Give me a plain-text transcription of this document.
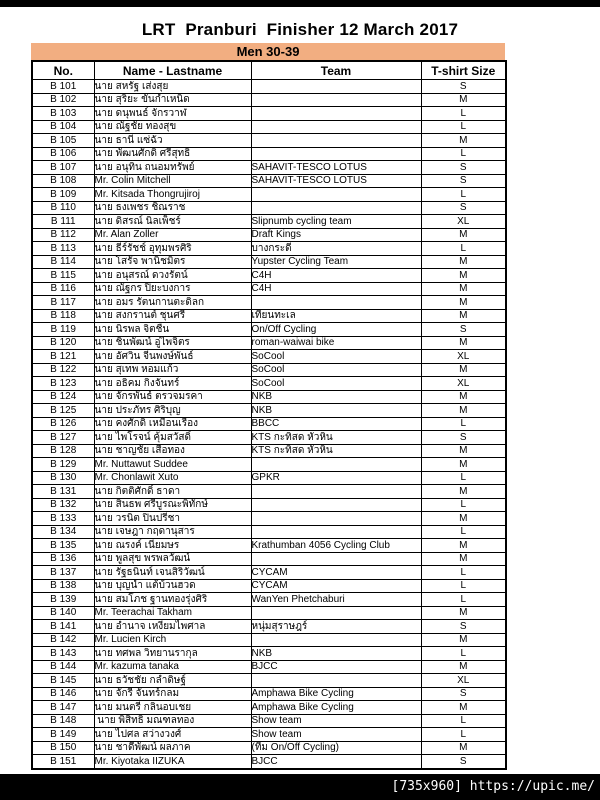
LRT  Pranburi  Finisher 12 March 2017
Men 30-39
No.	Name - Lastname	Team	T-shirt Size
B 101	นาย สหรัฐ เส่งสุย		S
B 102	นาย สุริยะ ขันกำเหนิด		M
B 103	นาย ดนุพนธ์ จักรวาฬ		L
B 104	นาย ณัฐชัย ทองสุข		L
B 105	นาย ธานี แซ่ฉั่ว		M
B 106	นาย พัฒนศักดิ์ ศรีสุทธิ์		L
B 107	นาย อนุทิน ถนอมทรัพย์	SAHAVIT-TESCO LOTUS	S
B 108	Mr. Colin Mitchell	SAHAVIT-TESCO LOTUS	S
B 109	Mr. Kitsada Thongrujiroj		L
B 110	นาย ธงเพชร ชิณราช		S
B 111	นาย ดิสรณ์ นิลเพ็ชร์	Slipnumb cycling team	XL
B 112	Mr. Alan Zoller	Draft Kings	M
B 113	นาย ธีร์รัชช์ อุทุมพรศิริ	บางกระดี่	L
B 114	นาย โสรัจ พานิชมิตร	Yupster Cycling Team	M
B 115	นาย อนุสรณ์ ดวงรัตน์	C4H	M
B 116	นาย ณัฐกร ปิยะบงการ	C4H	M
B 117	นาย อมร รัตนกานตะดิลก		M
B 118	นาย สงกรานต์ ชุนศรี	เทียนทะเล	M
B 119	นาย นิรพล จิตชื่น	On/Off Cycling	S
B 120	นาย ชินพัฒน์ อู่ไพจิตร	roman-waiwai bike	M
B 121	นาย อัศวิน จีนพงษ์พันธ์	SoCool	XL
B 122	นาย สุเทพ หอมแก้ว	SoCool	M
B 123	นาย อธิคม กิ่งจันทร์	SoCool	XL
B 124	นาย จักรพันธ์ ตรวจมรคา	NKB	M
B 125	นาย ประภัทร ศิริบุญ	NKB	M
B 126	นาย คงศักดิ์ เหมือนเรือง	BBCC	L
B 127	นาย ไพโรจน์ คุ้มสวัสดิ์	KTS กะทิสด หัวหิน	S
B 128	นาย ชาญชัย เสือทอง	KTS กะทิสด หัวหิน	M
B 129	Mr. Nuttawut Suddee		M
B 130	Mr. Chonlawit Xuto	GPKR	L
B 131	นาย กิตติศักดิ์ ธาดา		M
B 132	นาย สินธพ ศรีบูรณะพิทักษ์		L
B 133	นาย วรนิต ปิ่นปรีชา		M
B 134	นาย เจษฎา กฤดานุสาร		L
B 135	นาย ณรงค์ เนียมษร	Krathumban 4056 Cycling Club	M
B 136	นาย พูลสุข พรพลวัฒน์		M
B 137	นาย รัฐธนินท์ เจนสิริวัฒน์	CYCAM	L
B 138	นาย บุญนำ แต้บ้วนฮวด	CYCAM	L
B 139	นาย สมโภช ฐานทองรุ่งศิริ	WanYen Phetchaburi	L
B 140	Mr. Teerachai Takham		M
B 141	นาย อำนาจ เหงี่ยมไพศาล	หนุ่มสุราษฎร์	S
B 142	Mr. Lucien Kirch		M
B 143	นาย ทศพล วิทยานรากุล	NKB	L
B 144	Mr. kazuma tanaka	BJCC	M
B 145	นาย ธวัชชัย กล่ำดิษฐ์		XL
B 146	นาย จักรี จันทร์กลม	Amphawa Bike Cycling	S
B 147	นาย มนตรี กลิ่นอบเชย	Amphawa Bike Cycling	M
B 148	นาย พิสิทธิ์ มณฑลทอง	Show team	L
B 149	นาย ไปศล สว่างวงศ์	Show team	L
B 150	นาย ชาดีพัฒน์ ผลภาค	(ทีม On/Off Cycling)	M
B 151	Mr. Kiyotaka IIZUKA	BJCC	S
[735x960] https://upic.me/
